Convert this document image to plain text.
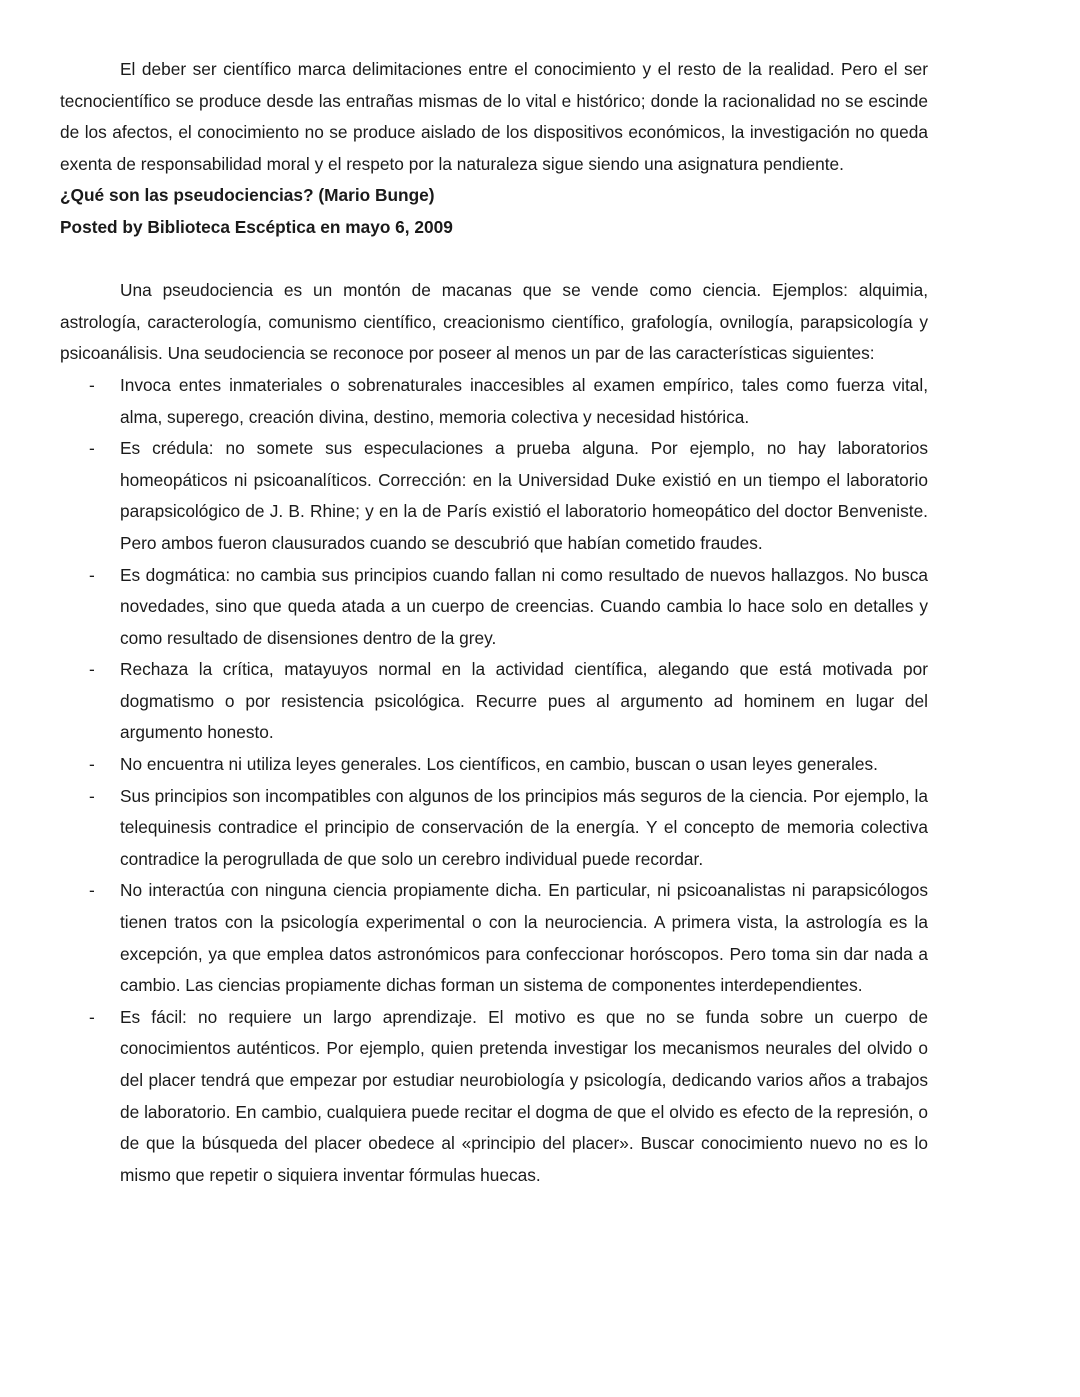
El deber ser científico marca delimitaciones entre el conocimiento y el resto de la realidad. Pero el ser tecnocientífico se produce desde las entrañas mismas de lo vital e histórico; donde la racionalidad no se escinde de los afectos, el conocimiento no se produce aislado de los dispositivos económicos, la investigación no queda exenta de responsabilidad moral y el respeto por la naturaleza sigue siendo una asignatura pendiente.

¿Qué son las pseudociencias? (Mario Bunge)

Posted by Biblioteca Escéptica en mayo 6, 2009

Una pseudociencia es un montón de macanas que se vende como ciencia. Ejemplos: alquimia, astrología, caracterología, comunismo científico, creacionismo científico, grafología, ovnilogía, parapsicología y psicoanálisis. Una seudociencia se reconoce por poseer al menos un par de las características siguientes:

- Invoca entes inmateriales o sobrenaturales inaccesibles al examen empírico, tales como fuerza vital, alma, superego, creación divina, destino, memoria colectiva y necesidad histórica.
- Es crédula: no somete sus especulaciones a prueba alguna. Por ejemplo, no hay laboratorios homeopáticos ni psicoanalíticos. Corrección: en la Universidad Duke existió en un tiempo el laboratorio parapsicológico de J. B. Rhine; y en la de París existió el laboratorio homeopático del doctor Benveniste. Pero ambos fueron clausurados cuando se descubrió que habían cometido fraudes.
- Es dogmática: no cambia sus principios cuando fallan ni como resultado de nuevos hallazgos. No busca novedades, sino que queda atada a un cuerpo de creencias. Cuando cambia lo hace solo en detalles y como resultado de disensiones dentro de la grey.
- Rechaza la crítica, matayuyos normal en la actividad científica, alegando que está motivada por dogmatismo o por resistencia psicológica. Recurre pues al argumento ad hominem en lugar del argumento honesto.
- No encuentra ni utiliza leyes generales. Los científicos, en cambio, buscan o usan leyes generales.
- Sus principios son incompatibles con algunos de los principios más seguros de la ciencia. Por ejemplo, la telequinesis contradice el principio de conservación de la energía. Y el concepto de memoria colectiva contradice la perogrullada de que solo un cerebro individual puede recordar.
- No interactúa con ninguna ciencia propiamente dicha. En particular, ni psicoanalistas ni parapsicólogos tienen tratos con la psicología experimental o con la neurociencia. A primera vista, la astrología es la excepción, ya que emplea datos astronómicos para confeccionar horóscopos. Pero toma sin dar nada a cambio. Las ciencias propiamente dichas forman un sistema de componentes interdependientes.
- Es fácil: no requiere un largo aprendizaje. El motivo es que no se funda sobre un cuerpo de conocimientos auténticos. Por ejemplo, quien pretenda investigar los mecanismos neurales del olvido o del placer tendrá que empezar por estudiar neurobiología y psicología, dedicando varios años a trabajos de laboratorio. En cambio, cualquiera puede recitar el dogma de que el olvido es efecto de la represión, o de que la búsqueda del placer obedece al «principio del placer». Buscar conocimiento nuevo no es lo mismo que repetir o siquiera inventar fórmulas huecas.
